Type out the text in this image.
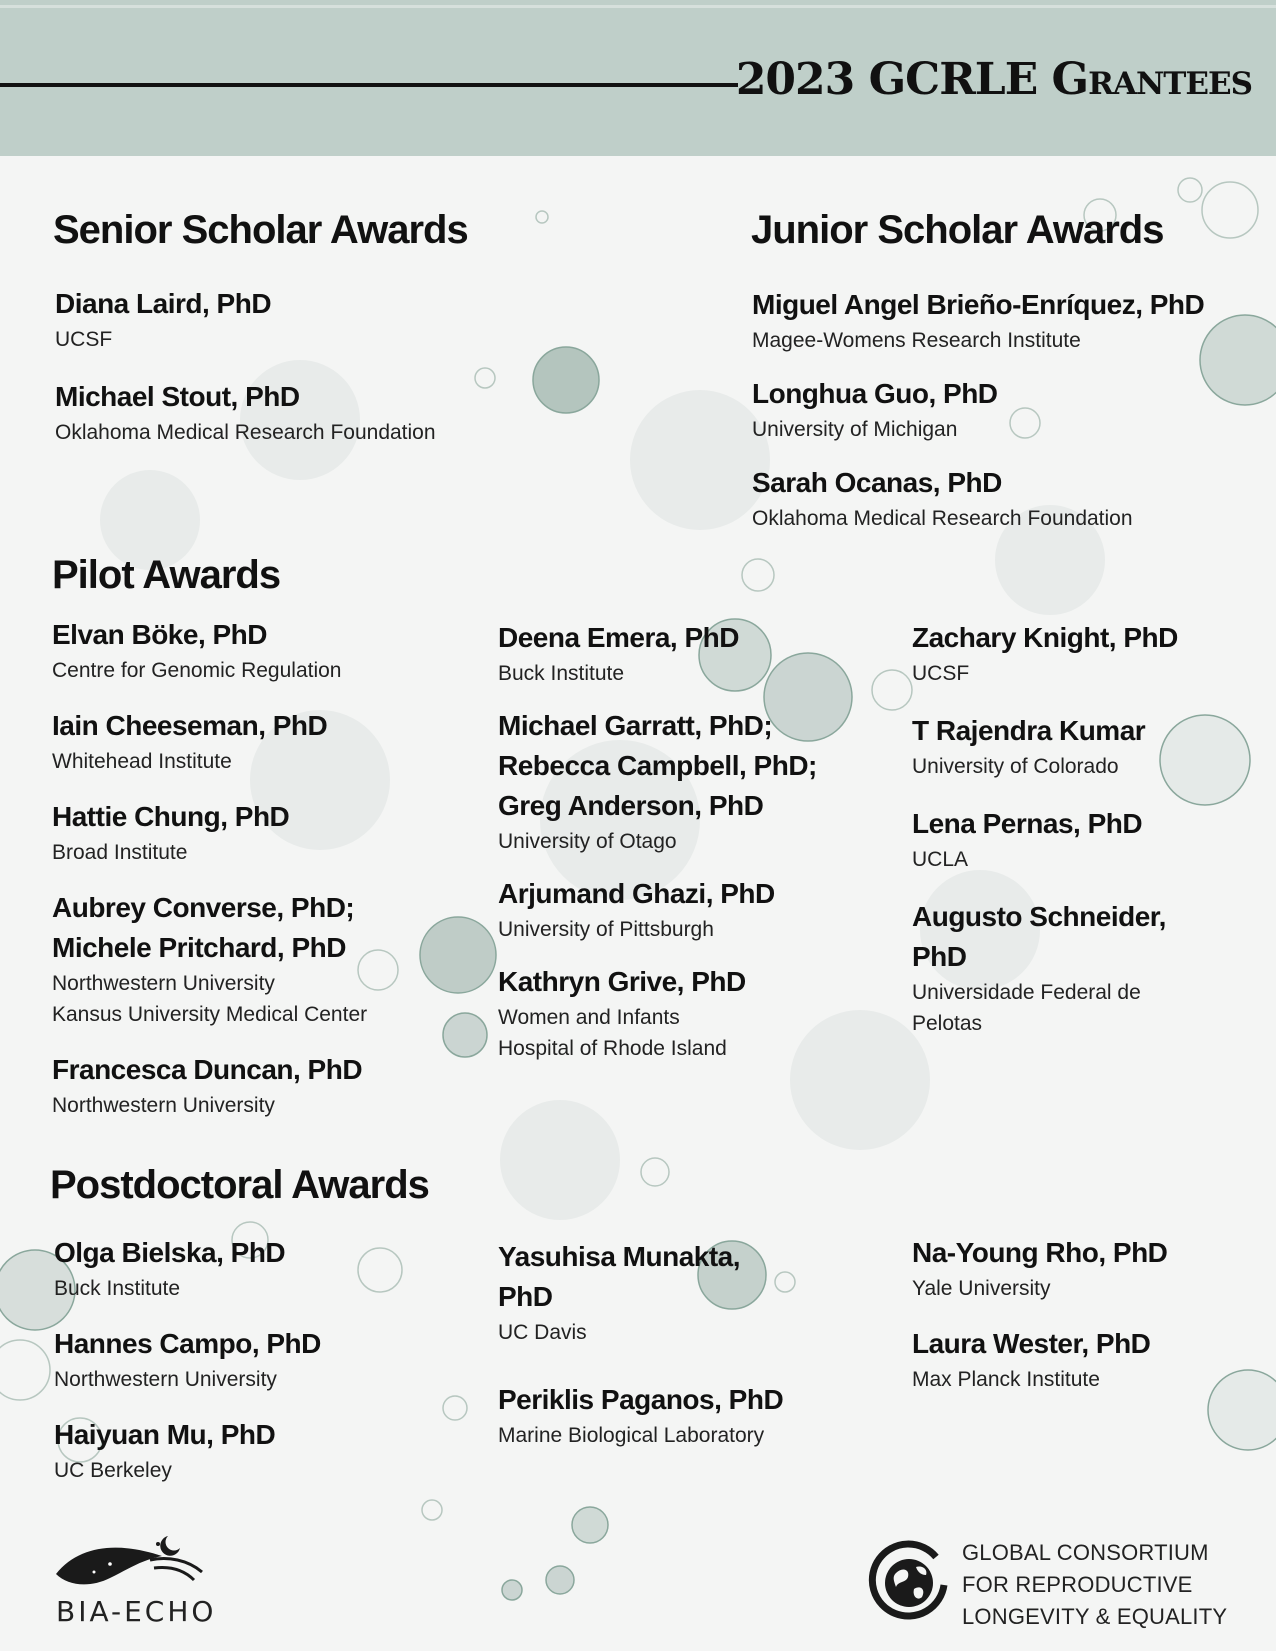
2023 GCRLE Grantees
Senior Scholar Awards
Diana Laird, PhD
UCSF
Michael Stout, PhD
Oklahoma Medical Research Foundation
Junior Scholar Awards
Miguel Angel Brieño-Enríquez, PhD
Magee-Womens Research Institute
Longhua Guo, PhD
University of Michigan
Sarah Ocanas, PhD
Oklahoma Medical Research Foundation
Pilot Awards
Elvan Böke, PhD
Centre for Genomic Regulation
Iain Cheeseman, PhD
Whitehead Institute
Hattie Chung, PhD
Broad Institute
Aubrey Converse, PhD;
Michele Pritchard, PhD
Northwestern University
Kansus University Medical Center
Francesca Duncan, PhD
Northwestern University
Deena Emera, PhD
Buck Institute
Michael Garratt, PhD;
Rebecca Campbell, PhD;
Greg Anderson, PhD
University of Otago
Arjumand Ghazi, PhD
University of Pittsburgh
Kathryn Grive, PhD
Women and Infants
Hospital of Rhode Island
Zachary Knight, PhD
UCSF
T Rajendra Kumar
University of Colorado
Lena Pernas, PhD
UCLA
Augusto Schneider,
PhD
Universidade Federal de
Pelotas
Postdoctoral Awards
Olga Bielska, PhD
Buck Institute
Hannes Campo, PhD
Northwestern University
Haiyuan Mu, PhD
UC Berkeley
Yasuhisa Munakta,
PhD
UC Davis
Periklis Paganos, PhD
Marine Biological Laboratory
Na-Young Rho, PhD
Yale University
Laura Wester, PhD
Max Planck Institute
BIA-ECHO
GLOBAL CONSORTIUM
FOR REPRODUCTIVE
LONGEVITY & EQUALITY
